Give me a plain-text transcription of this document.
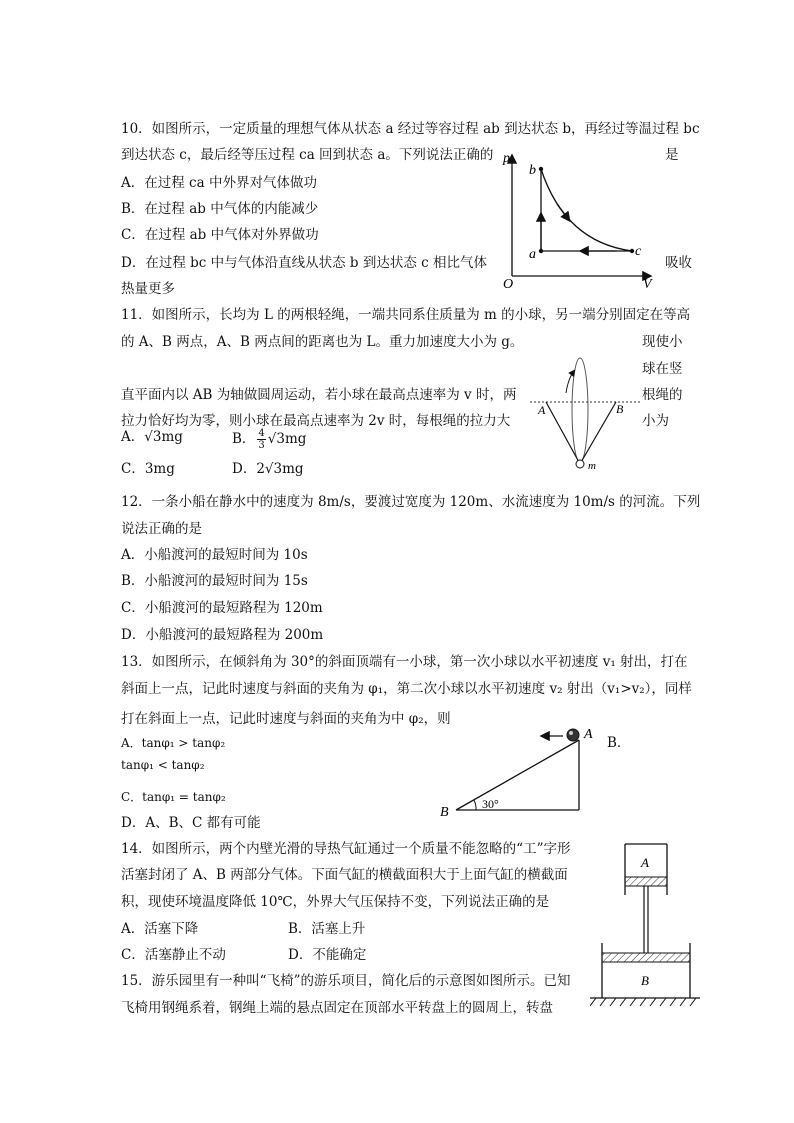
10．如图所示，一定质量的理想气体从状态 a 经过等容过程 ab 到达状态 b，再经过等温过程 bc
到达状态 c，最后经等压过程 ca 回到状态 a。下列说法正确的	是
A．在过程 ca 中外界对气体做功
B．在过程 ab 中气体的内能减少
C．在过程 ab 中气体对外界做功
D．在过程 bc 中与气体沿直线从状态 b 到达状态 c 相比气体	吸收
热量更多
p
V
O
a
b
c
11．如图所示，长均为 L 的两根轻绳，一端共同系住质量为 m 的小球，另一端分别固定在等高
的 A、B 两点，A、B 两点间的距离也为 L。重力加速度大小为 g。	现使小
球在竖
直平面内以 AB 为轴做圆周运动，若小球在最高点速率为 v 时，两	根绳的
拉力恰好均为零，则小球在最高点速率为 2v 时，每根绳的拉力大	小为
A．√3mg	B． $\frac{4}{3} √3mg$
C．3mg	D．2√3mg
A	B
m
12．一条小船在静水中的速度为 8m/s，要渡过宽度为 120m、水流速度为 10m/s 的河流。下列
说法正确的是
A．小船渡河的最短时间为 10s
B．小船渡河的最短时间为 15s
C．小船渡河的最短路程为 120m
D．小船渡河的最短路程为 200m
13．如图所示，在倾斜角为 30°的斜面顶端有一小球，第一次小球以水平初速度 v₁ 射出，打在
斜面上一点，记此时速度与斜面的夹角为 φ₁，第二次小球以水平初速度 v₂ 射出（v₁>v₂），同样
打在斜面上一点，记此时速度与斜面的夹角为中 φ₂，则
A．tanφ₁ > tanφ₂	B．
tanφ₁ < tanφ₂
C．tanφ₁ = tanφ₂
D．A、B、C 都有可能
A
B
30°
14．如图所示，两个内壁光滑的导热气缸通过一个质量不能忽略的“工”字形
活塞封闭了 A、B 两部分气体。下面气缸的横截面积大于上面气缸的横截面
积，现使环境温度降低 10℃，外界大气压保持不变，下列说法正确的是
A．活塞下降	B．活塞上升
C．活塞静止不动	D．不能确定
A
B
15．游乐园里有一种叫“飞椅”的游乐项目，简化后的示意图如图所示。已知
飞椅用钢绳系着，钢绳上端的悬点固定在顶部水平转盘上的圆周上，转盘
